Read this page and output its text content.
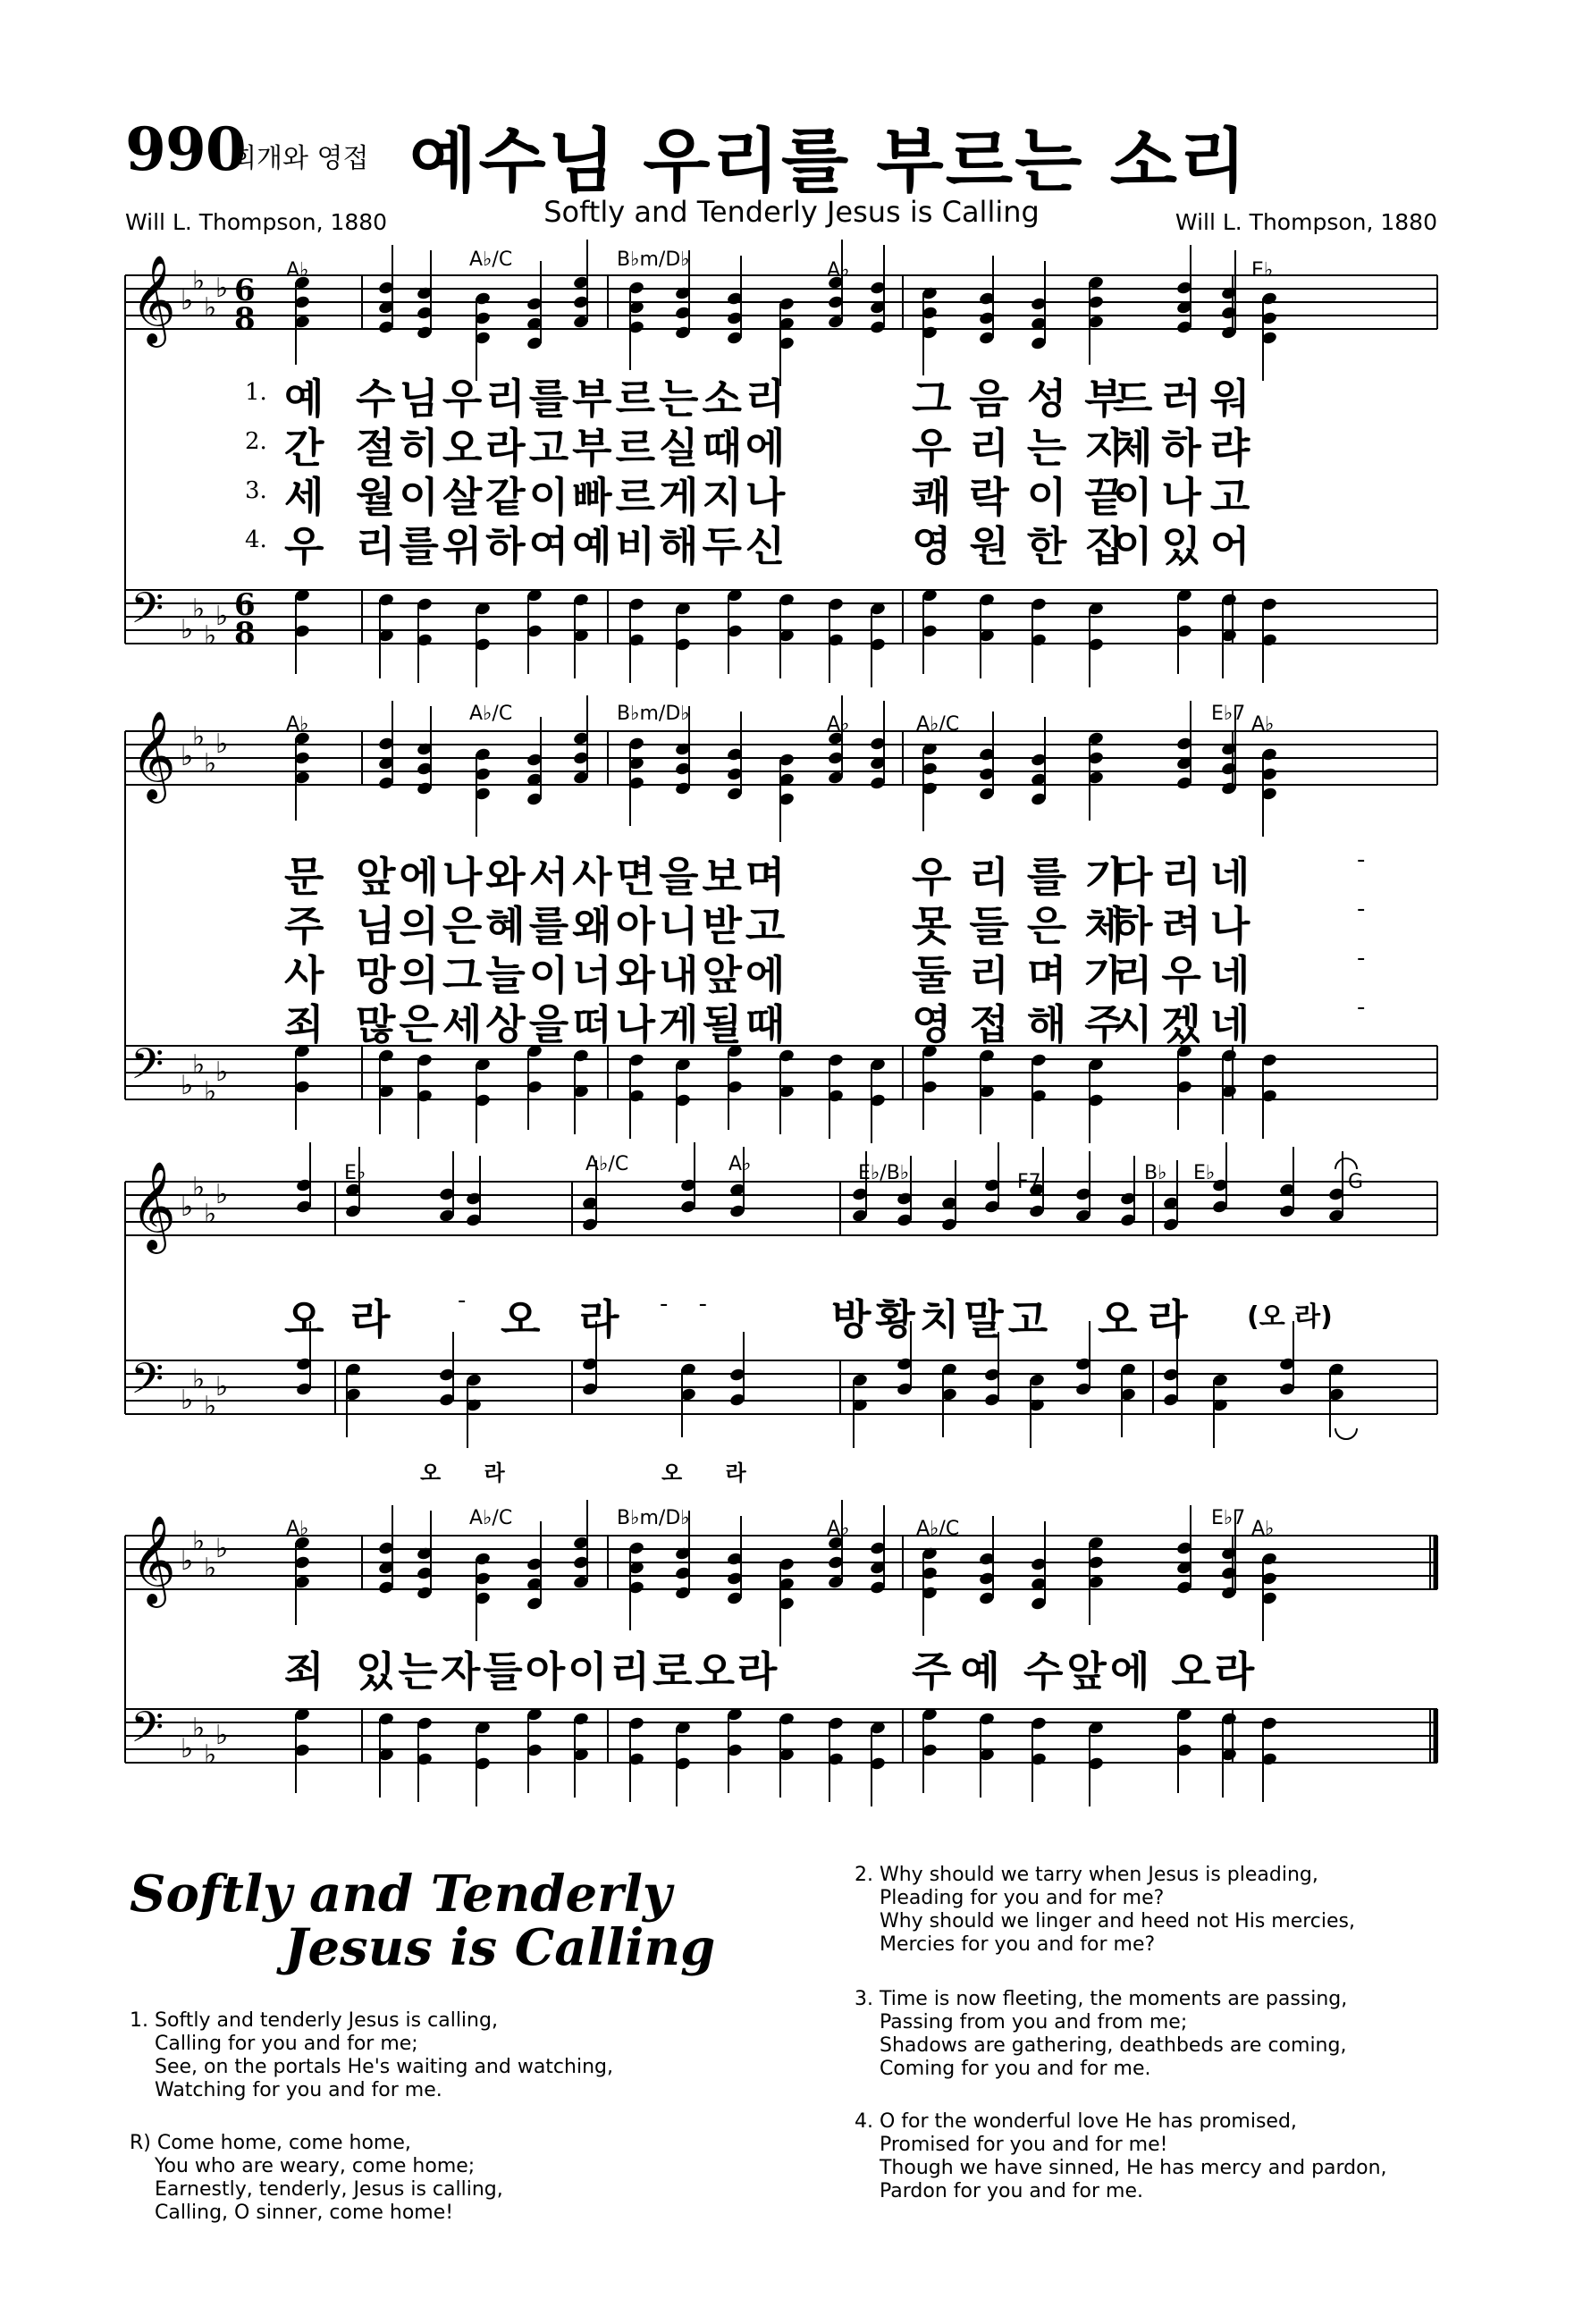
990
회개와 영접 예수님 우리를 부르는 소리
Softly and Tenderly Jesus is Calling
Will L. Thompson, 1880	Will L. Thompson, 1880
𝄞 ♭
♭
♭
♭ 6
8
𝄢 ♭
♭
♭
♭ 6
8
𝄞 ♭
♭
♭
♭
𝄢 ♭
♭
♭
♭
𝄞 ♭
♭
♭
♭
𝄢 ♭
♭
♭
♭
𝄞 ♭
♭
♭
♭
𝄢 ♭
♭
♭
♭
1. 예 수님우리를부르는소리	그음성부
드러워
2. 간 절히오라고부르실때에	우리는지
체하랴
3. 세 월이살같이빠르게지나	쾌락이끝
이나고
4. 우 리를위하여예비해두신	영원한집
이있어
문 앞에나와서사면을보며	우리를기
다리네	-
주 님의은혜를왜아니받고	못들은체
하려나	-
사 망의그늘이너와내앞에	둘리며가
리우네	-
죄 많은세상을떠나게될때	영접해주
시겠네	-
오 라	- 오 라 - -	방황치말고 오라 (오 라)
오 라	오 라
죄 있는자들아이리로오라	주예 수앞에 오라
A♭	A♭/C	B♭m/D♭	A♭	E♭
A♭	A♭/C	B♭m/D♭	A♭	A♭/C	E♭7 A♭
E♭	A♭/C	A♭	E♭/B♭	F7	B♭ E♭	G
A♭	A♭/C	B♭m/D♭	A♭	A♭/C	E♭7 A♭
Softly and Tenderly
Jesus is Calling
1. Softly and tenderly Jesus is calling,
Calling for you and for me;
See, on the portals He's waiting and watching,
Watching for you and for me.
R) Come home, come home,
You who are weary, come home;
Earnestly, tenderly, Jesus is calling,
Calling, O sinner, come home!
2. Why should we tarry when Jesus is pleading,
Pleading for you and for me?
Why should we linger and heed not His mercies,
Mercies for you and for me?
3. Time is now fleeting, the moments are passing,
Passing from you and from me;
Shadows are gathering, deathbeds are coming,
Coming for you and for me.
4. O for the wonderful love He has promised,
Promised for you and for me!
Though we have sinned, He has mercy and pardon,
Pardon for you and for me.
